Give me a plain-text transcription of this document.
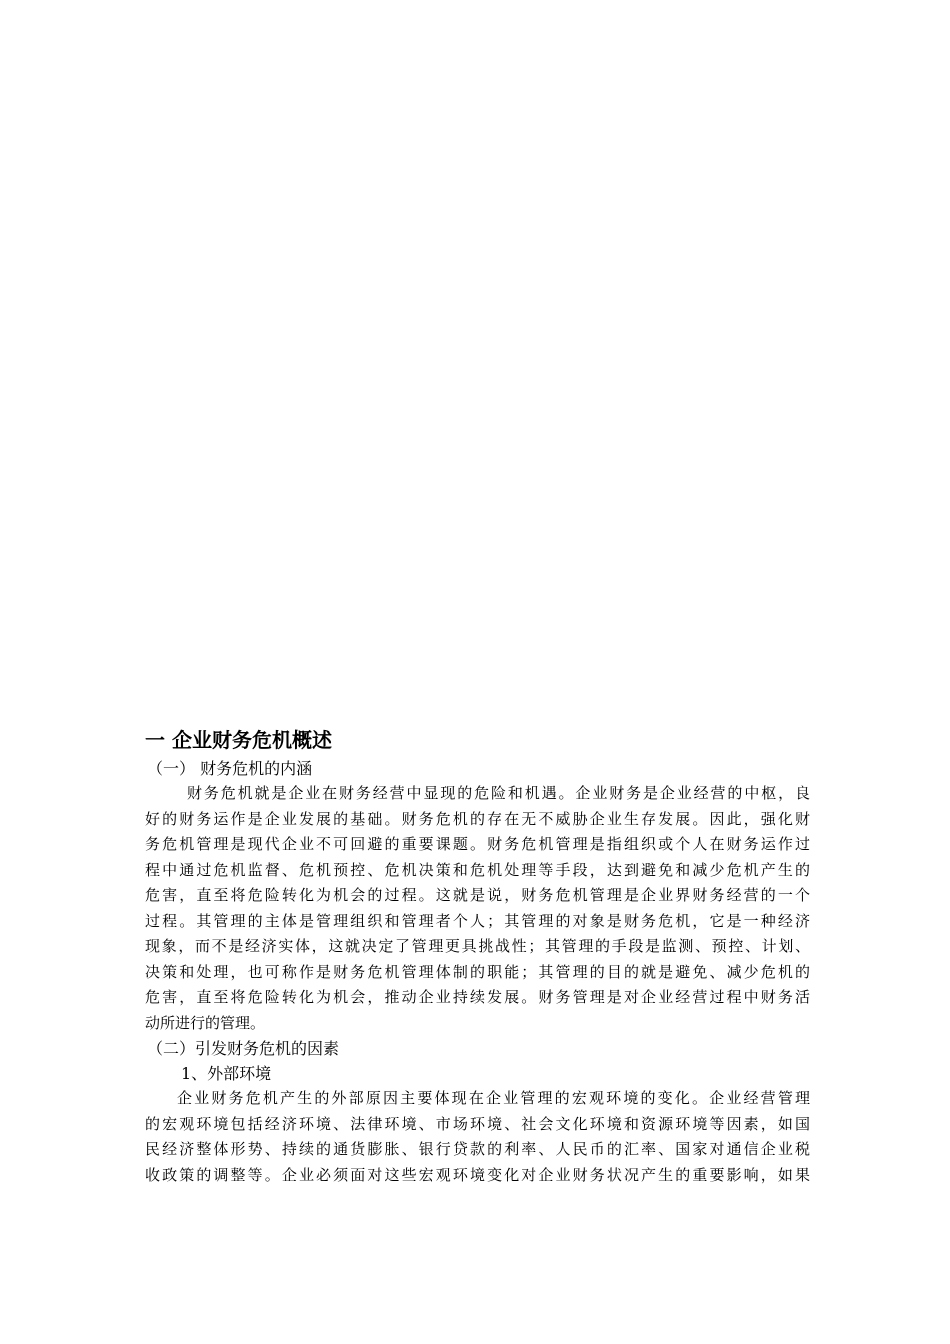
一 企业财务危机概述
（一） 财务危机的内涵
财务危机就是企业在财务经营中显现的危险和机遇。企业财务是企业经营的中枢，良
好的财务运作是企业发展的基础。财务危机的存在无不威胁企业生存发展。因此，强化财
务危机管理是现代企业不可回避的重要课题。财务危机管理是指组织或个人在财务运作过
程中通过危机监督、危机预控、危机决策和危机处理等手段，达到避免和减少危机产生的
危害，直至将危险转化为机会的过程。这就是说，财务危机管理是企业界财务经营的一个
过程。其管理的主体是管理组织和管理者个人；其管理的对象是财务危机，它是一种经济
现象，而不是经济实体，这就决定了管理更具挑战性；其管理的手段是监测、预控、计划、
决策和处理，也可称作是财务危机管理体制的职能；其管理的目的就是避免、减少危机的
危害，直至将危险转化为机会，推动企业持续发展。财务管理是对企业经营过程中财务活
动所进行的管理。
（二）引发财务危机的因素
1、外部环境
企业财务危机产生的外部原因主要体现在企业管理的宏观环境的变化。企业经营管理
的宏观环境包括经济环境、法律环境、市场环境、社会文化环境和资源环境等因素，如国
民经济整体形势、持续的通货膨胀、银行贷款的利率、人民币的汇率、国家对通信企业税
收政策的调整等。企业必须面对这些宏观环境变化对企业财务状况产生的重要影响，如果
